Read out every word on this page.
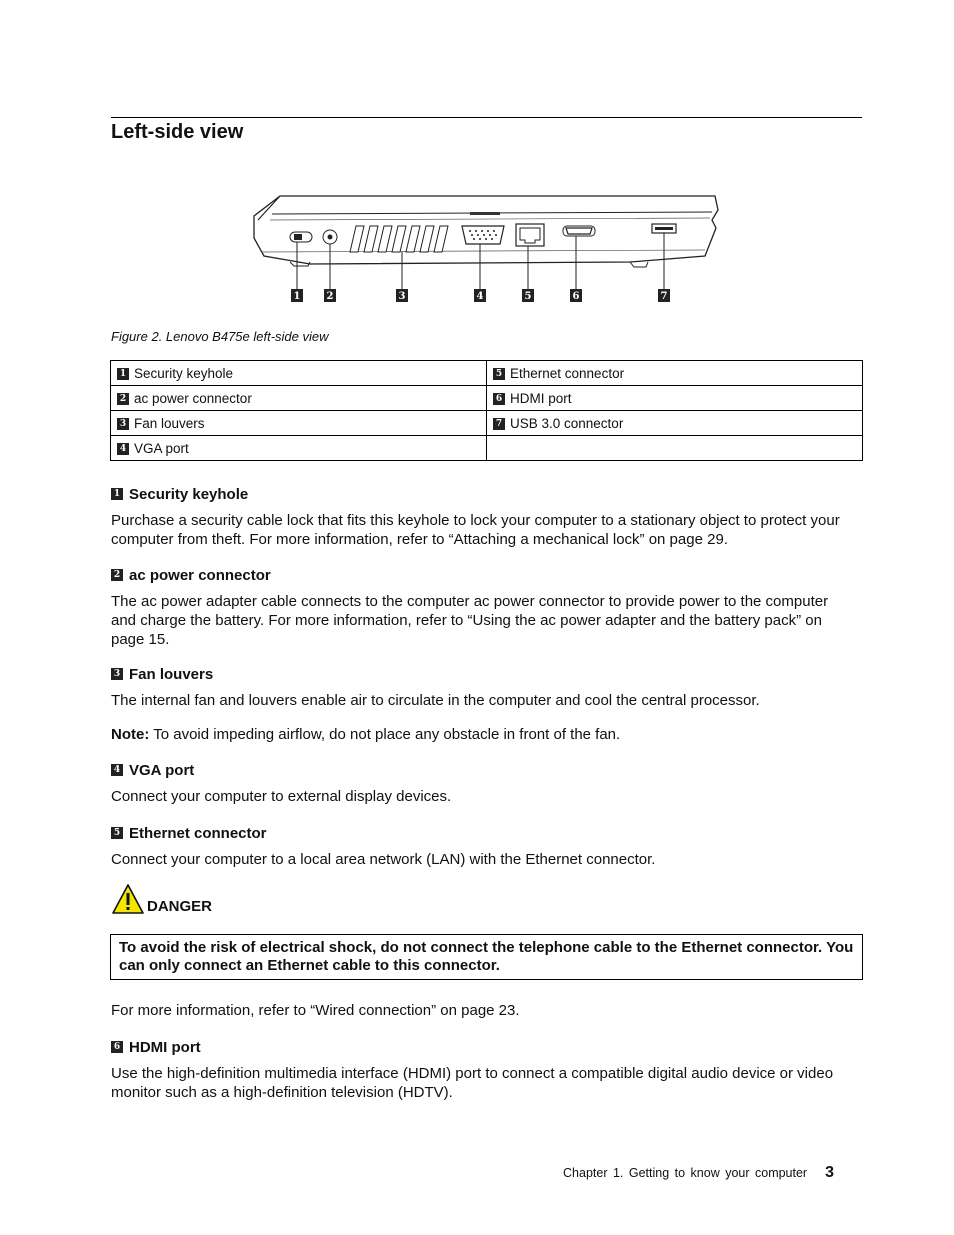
Left-side view
1	2	3	4	5	6	7
Figure 2. Lenovo B475e left-side view
1 Security keyhole	5 Ethernet connector
2 ac power connector	6 HDMI port
3 Fan louvers	7 USB 3.0 connector
4 VGA port	
1 Security keyhole

Purchase a security cable lock that fits this keyhole to lock your computer to a stationary object to protect your computer from theft. For more information, refer to “Attaching a mechanical lock” on page 29.

2 ac power connector

The ac power adapter cable connects to the computer ac power connector to provide power to the computer and charge the battery. For more information, refer to “Using the ac power adapter and the battery pack” on page 15.

3 Fan louvers

The internal fan and louvers enable air to circulate in the computer and cool the central processor.

Note: To avoid impeding airflow, do not place any obstacle in front of the fan.
4 VGA port

Connect your computer to external display devices.

5 Ethernet connector

Connect your computer to a local area network (LAN) with the Ethernet connector.

DANGER
To avoid the risk of electrical shock, do not connect the telephone cable to the Ethernet connector. You can only connect an Ethernet cable to this connector.
For more information, refer to “Wired connection” on page 23.
6 HDMI port

Use the high-definition multimedia interface (HDMI) port to connect a compatible digital audio device or video monitor such as a high-definition television (HDTV).

Chapter 1. Getting to know your computer 3
